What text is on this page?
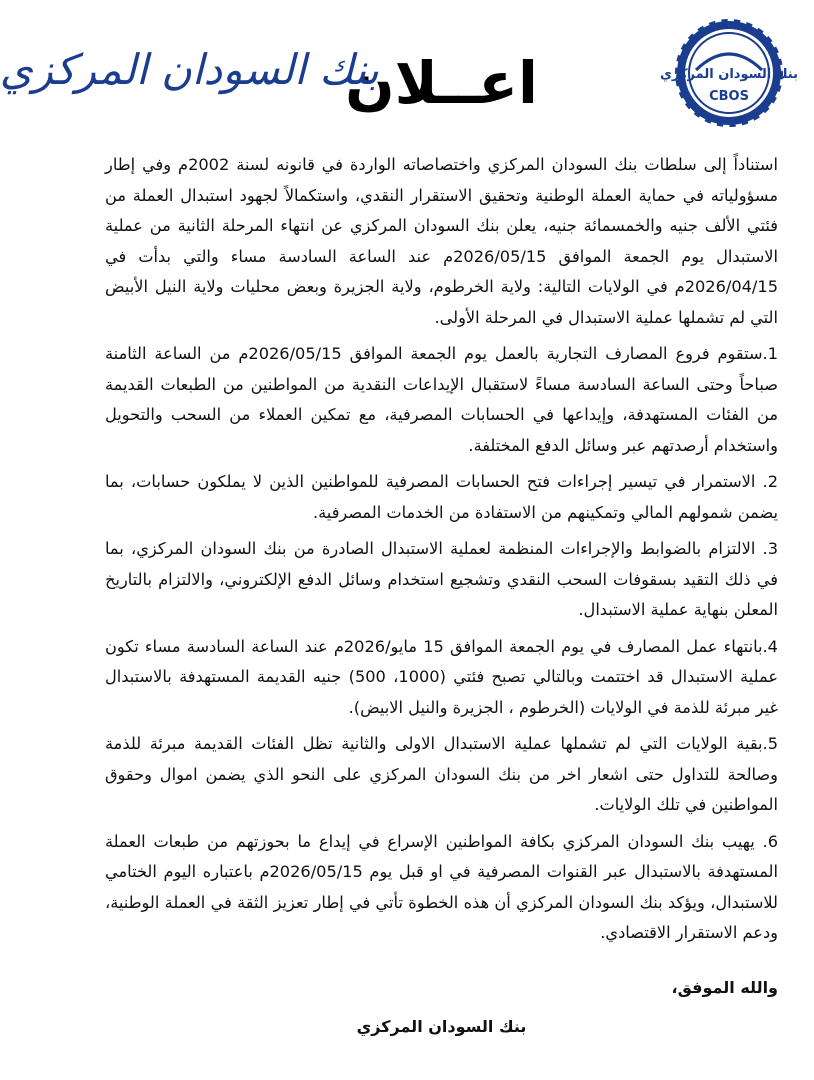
بنك السودان المركزي
CBOS
اعــلان
بنك السودان المركزي

استناداً إلى سلطات بنك السودان المركزي واختصاصاته الواردة في قانونه لسنة 2002م وفي إطار مسؤولياته في حماية العملة الوطنية وتحقيق الاستقرار النقدي، واستكمالاً لجهود استبدال العملة من فئتي الألف جنيه والخمسمائة جنيه، يعلن بنك السودان المركزي عن انتهاء المرحلة الثانية من عملية الاستبدال يوم الجمعة الموافق 2026/05/15م عند الساعة السادسة مساء والتي بدأت في 2026/04/15م في الولايات التالية: ولاية الخرطوم، ولاية الجزيرة وبعض محليات ولاية النيل الأبيض التي لم تشملها عملية الاستبدال في المرحلة الأولى.

1.ستقوم فروع المصارف التجارية بالعمل يوم الجمعة الموافق 2026/05/15م من الساعة الثامنة صباحاً وحتى الساعة السادسة مساءً لاستقبال الإيداعات النقدية من المواطنين من الطبعات القديمة من الفئات المستهدفة، وإيداعها في الحسابات المصرفية، مع تمكين العملاء من السحب والتحويل واستخدام أرصدتهم عبر وسائل الدفع المختلفة.

2. الاستمرار في تيسير إجراءات فتح الحسابات المصرفية للمواطنين الذين لا يملكون حسابات، بما يضمن شمولهم المالي وتمكينهم من الاستفادة من الخدمات المصرفية.

3. الالتزام بالضوابط والإجراءات المنظمة لعملية الاستبدال الصادرة من بنك السودان المركزي، بما في ذلك التقيد بسقوفات السحب النقدي وتشجيع استخدام وسائل الدفع الإلكتروني، والالتزام بالتاريخ المعلن بنهاية عملية الاستبدال.

4.بانتهاء عمل المصارف في يوم الجمعة الموافق 15 مايو/2026م عند الساعة السادسة مساء تكون عملية الاستبدال قد اختتمت وبالتالي تصبح فئتي (1000، 500) جنيه القديمة المستهدفة بالاستبدال غير مبرئة للذمة في الولايات (الخرطوم ، الجزيرة والنيل الابيض).

5.بقية الولايات التي لم تشملها عملية الاستبدال الاولى والثانية تظل الفئات القديمة مبرئة للذمة وصالحة للتداول حتى اشعار اخر من بنك السودان المركزي على النحو الذي يضمن اموال وحقوق المواطنين في تلك الولايات.

6. يهيب بنك السودان المركزي بكافة المواطنين الإسراع في إيداع ما بحوزتهم من طبعات العملة المستهدفة بالاستبدال عبر القنوات المصرفية في او قبل يوم 2026/05/15م باعتباره اليوم الختامي للاستبدال، ويؤكد بنك السودان المركزي أن هذه الخطوة تأتي في إطار تعزيز الثقة في العملة الوطنية، ودعم الاستقرار الاقتصادي.

والله الموفق،
بنك السودان المركزي
